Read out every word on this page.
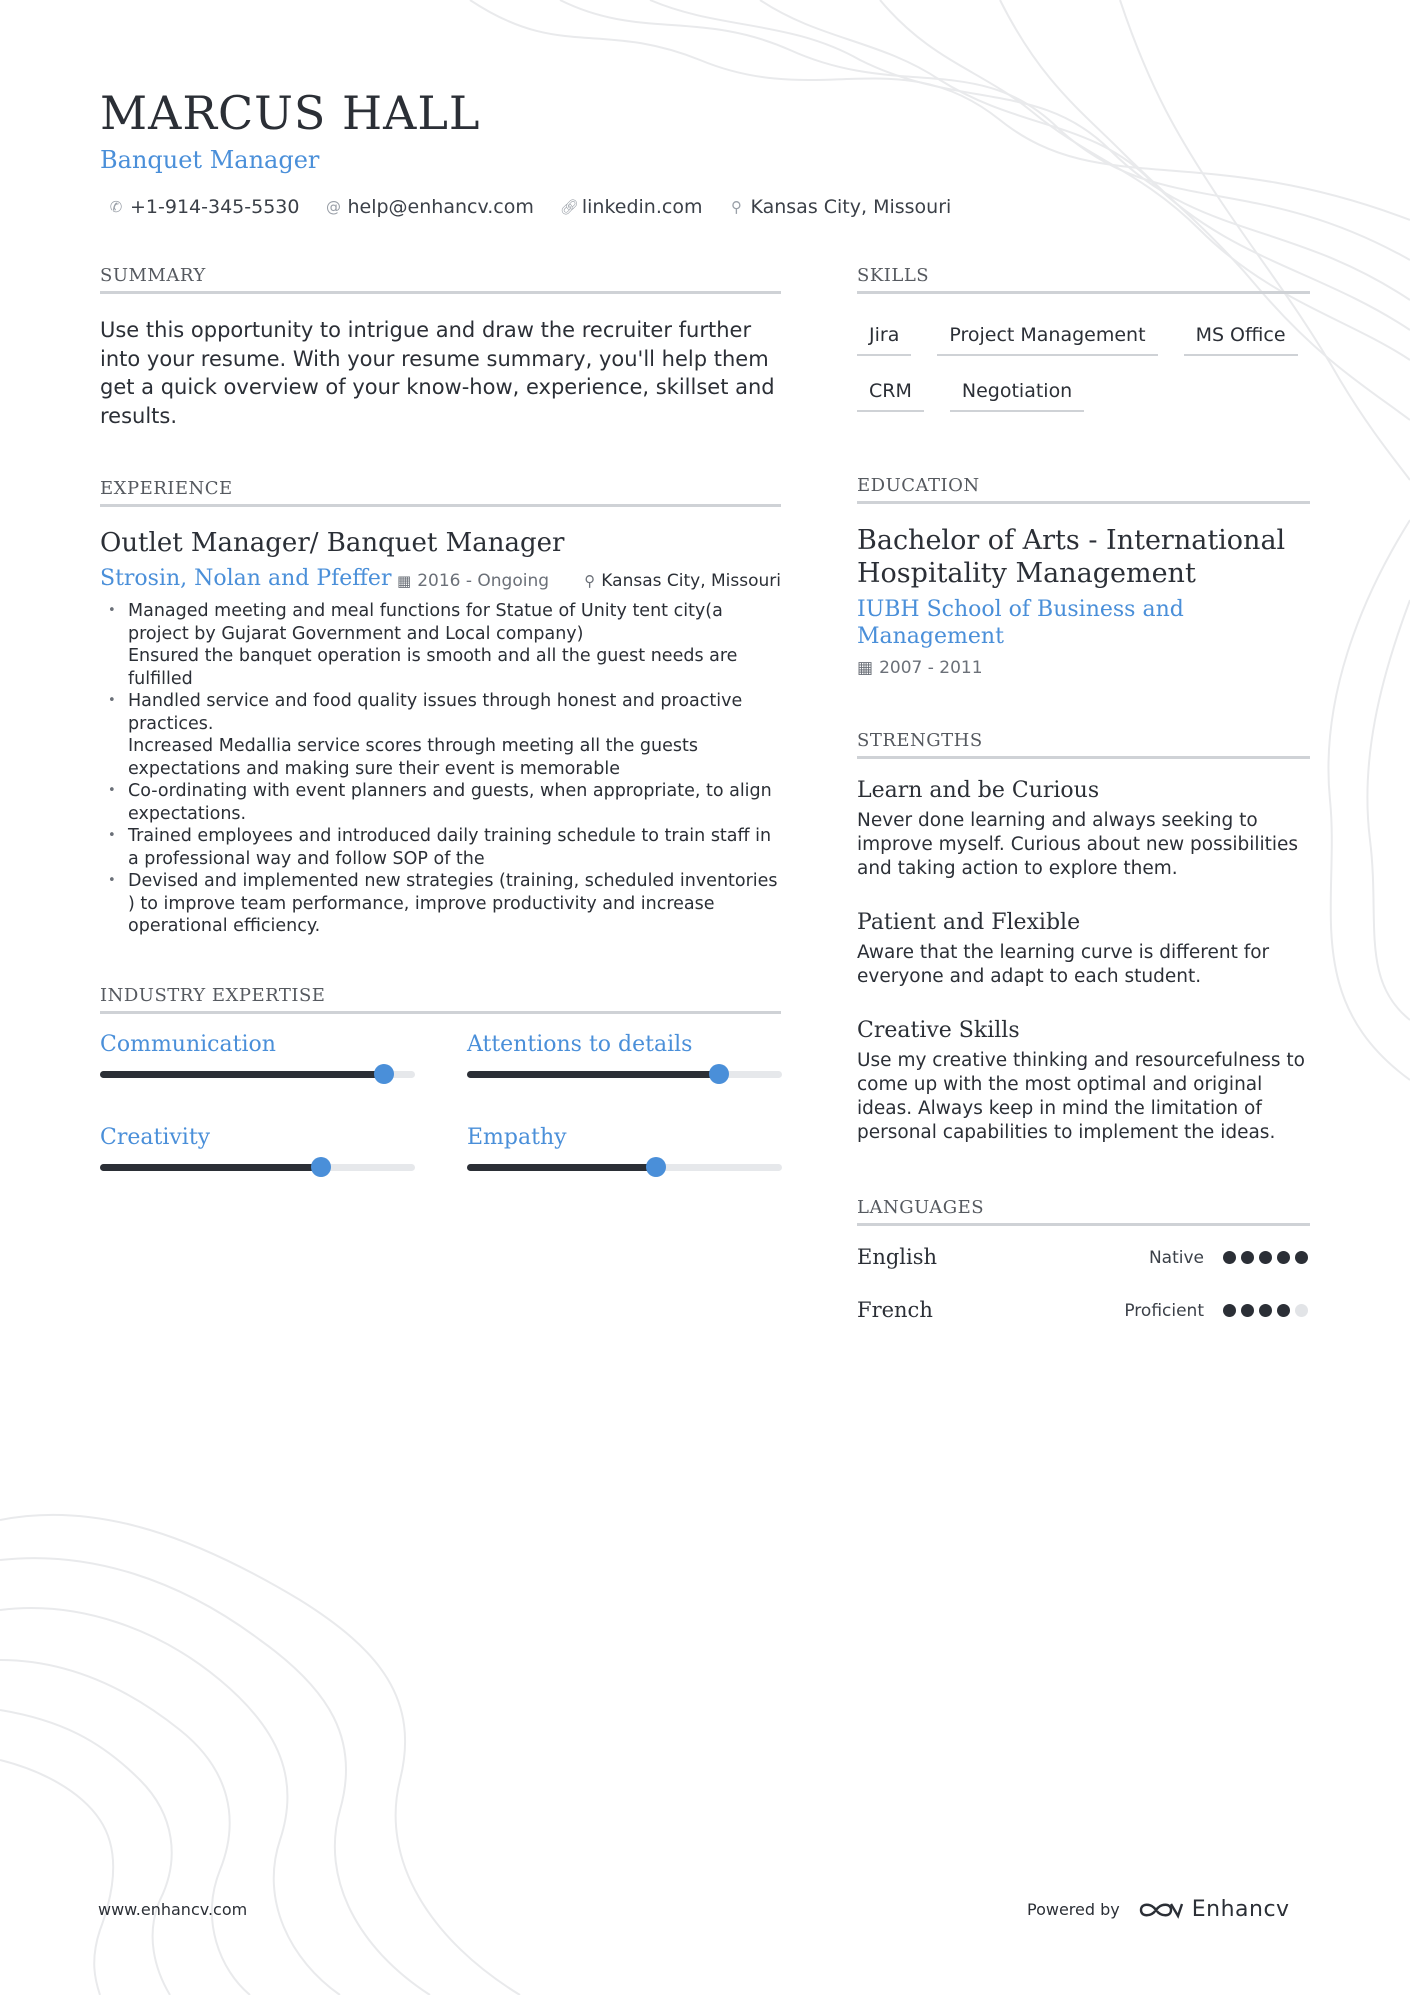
MARCUS HALL
Banquet Manager
✆ +1-914-345-5530 @ help@enhancv.com 🔗︎ linkedin.com ⚲ Kansas City, Missouri
SUMMARY

Use this opportunity to intrigue and draw the recruiter further into your resume. With your resume summary, you'll help them get a quick overview of your know-how, experience, skillset and results.

EXPERIENCE
Outlet Manager/ Banquet Manager
Strosin, Nolan and Pfeffer ▦ 2016 - Ongoing ⚲ Kansas City, Missouri
• Managed meeting and meal functions for Statue of Unity tent city(a project by Gujarat Government and Local company)
Ensured the banquet operation is smooth and all the guest needs are fulfilled
• Handled service and food quality issues through honest and proactive practices.
Increased Medallia service scores through meeting all the guests expectations and making sure their event is memorable
• Co-ordinating with event planners and guests, when appropriate, to align expectations.
• Trained employees and introduced daily training schedule to train staff in a professional way and follow SOP of the
• Devised and implemented new strategies (training, scheduled inventories ) to improve team performance, improve productivity and increase operational efficiency.
INDUSTRY EXPERTISE
Communication	Attentions to details
Creativity	Empathy
SKILLS
Jira	Project Management	MS Office
CRM	Negotiation
EDUCATION
Bachelor of Arts - International Hospitality Management
IUBH School of Business and Management
▦ 2007 - 2011
STRENGTHS
Learn and be Curious

Never done learning and always seeking to improve myself. Curious about new possibilities and taking action to explore them.

Patient and Flexible

Aware that the learning curve is different for everyone and adapt to each student.

Creative Skills

Use my creative thinking and resourcefulness to come up with the most optimal and original ideas. Always keep in mind the limitation of personal capabilities to implement the ideas.

LANGUAGES
English	Native
French	Proficient
www.enhancv.com	Powered by	Enhancv
